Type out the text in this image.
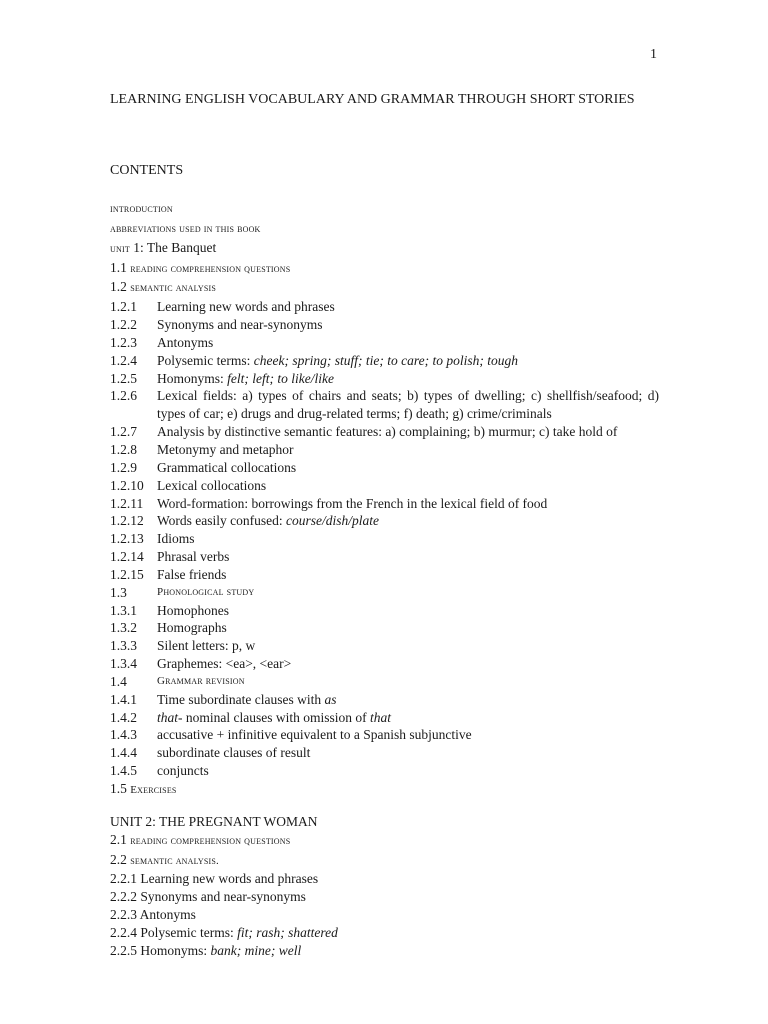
1
LEARNING ENGLISH VOCABULARY AND GRAMMAR THROUGH SHORT STORIES
CONTENTS
introduction
abbreviations used in this book
unit 1: The Banquet
1.1 reading comprehension questions
1.2 semantic analysis
1.2.1	Learning new words and phrases
1.2.2	Synonyms and near-synonyms
1.2.3	Antonyms
1.2.4	Polysemic terms: cheek; spring; stuff; tie; to care; to polish; tough
1.2.5	Homonyms: felt; left; to like/like
1.2.6	Lexical fields: a) types of chairs and seats; b) types of dwelling; c) shellfish/seafood; d) types of car; e) drugs and drug-related terms; f) death; g) crime/criminals
1.2.7	Analysis by distinctive semantic features: a) complaining; b) murmur; c) take hold of
1.2.8	Metonymy and metaphor
1.2.9	Grammatical collocations
1.2.10 Lexical collocations
1.2.11	Word-formation: borrowings from the French in the lexical field of food
1.2.12 Words easily confused: course/dish/plate
1.2.13 Idioms
1.2.14 Phrasal verbs
1.2.15 False friends
1.3	Phonological study
1.3.1	Homophones
1.3.2	Homographs
1.3.3	Silent letters: p, w
1.3.4	Graphemes: <ea>, <ear>
1.4	Grammar revision
1.4.1	Time subordinate clauses with as
1.4.2	that- nominal clauses with omission of that
1.4.3	accusative + infinitive equivalent to a Spanish subjunctive
1.4.4	subordinate clauses of result
1.4.5	conjuncts
1.5 Exercises
UNIT 2: THE PREGNANT WOMAN
2.1 reading comprehension questions
2.2 semantic analysis.
2.2.1 Learning new words and phrases
2.2.2 Synonyms and near-synonyms
2.2.3 Antonyms
2.2.4 Polysemic terms: fit; rash; shattered
2.2.5 Homonyms: bank; mine; well
